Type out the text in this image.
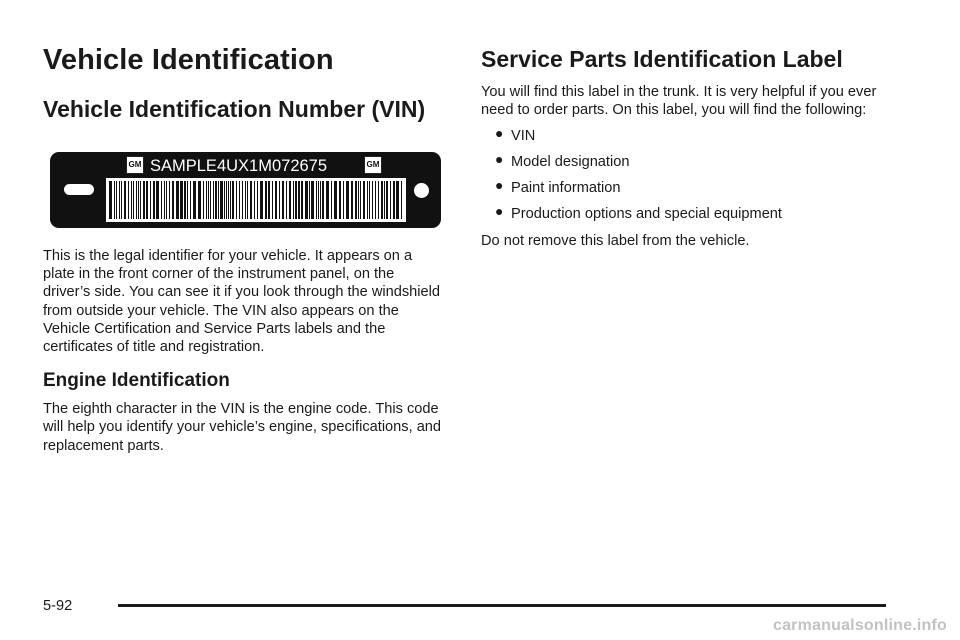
Vehicle Identification
Vehicle Identification Number (VIN)
GM SAMPLE4UX1M072675	GM

This is the legal identifier for your vehicle. It appears on a plate in the front corner of the instrument panel, on the driver’s side. You can see it if you look through the windshield from outside your vehicle. The VIN also appears on the Vehicle Certification and Service Parts labels and the certificates of title and registration.

Engine Identification

The eighth character in the VIN is the engine code. This code will help you identify your vehicle’s engine, specifications, and replacement parts.

Service Parts Identification Label

You will find this label in the trunk. It is very helpful if you ever need to order parts. On this label, you will find the following:

● VIN
● Model designation
● Paint information
● Production options and special equipment

Do not remove this label from the vehicle.

5-92
carmanualsonline.info
